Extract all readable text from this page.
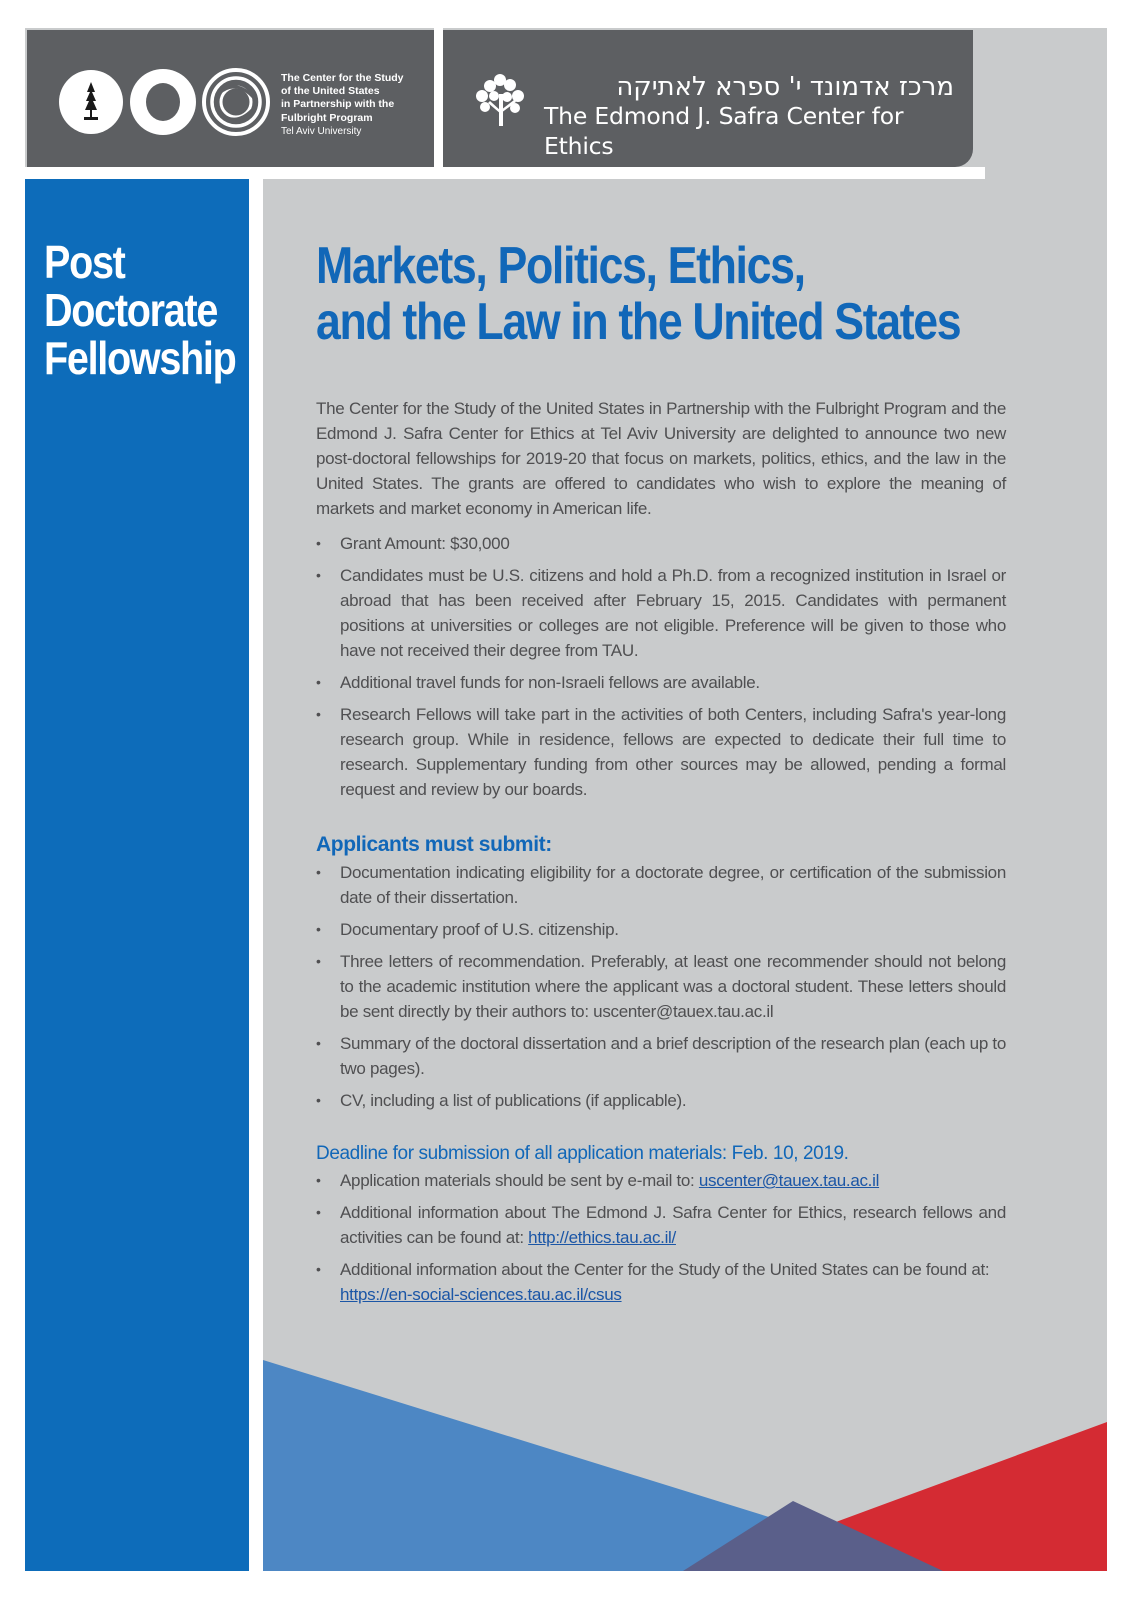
The Center for the Study
of the United States
in Partnership with the
Fulbright Program
Tel Aviv University
מרכז אדמונד י' ספרא לאתיקה
The Edmond J. Safra Center for Ethics
Post
Doctorate
Fellowship
Markets, Politics, Ethics,
and the Law in the United States

The Center for the Study of the United States in Partnership with the Fulbright Program and the Edmond J. Safra Center for Ethics at Tel Aviv University are delighted to announce two new post-doctoral fellowships for 2019-20 that focus on markets, politics, ethics, and the law in the United States. The grants are offered to candidates who wish to explore the meaning of markets and market economy in American life.

• Grant Amount: $30,000
• Candidates must be U.S. citizens and hold a Ph.D. from a recognized institution in Israel or abroad that has been received after February 15, 2015. Candidates with permanent positions at universities or colleges are not eligible. Preference will be given to those who have not received their degree from TAU.
• Additional travel funds for non-Israeli fellows are available.
• Research Fellows will take part in the activities of both Centers, including Safra's year-long research group. While in residence, fellows are expected to dedicate their full time to research. Supplementary funding from other sources may be allowed, pending a formal request and review by our boards.
Applicants must submit:
• Documentation indicating eligibility for a doctorate degree, or certification of the submission date of their dissertation.
• Documentary proof of U.S. citizenship.
• Three letters of recommendation. Preferably, at least one recommender should not belong to the academic institution where the applicant was a doctoral student. These letters should be sent directly by their authors to: uscenter@tauex.tau.ac.il
• Summary of the doctoral dissertation and a brief description of the research plan (each up to two pages).
• CV, including a list of publications (if applicable).
Deadline for submission of all application materials: Feb. 10, 2019.
• Application materials should be sent by e-mail to: uscenter@tauex.tau.ac.il
• Additional information about The Edmond J. Safra Center for Ethics, research fellows and activities can be found at: http://ethics.tau.ac.il/
• Additional information about the Center for the Study of the United States can be found at:
https://en-social-sciences.tau.ac.il/csus
